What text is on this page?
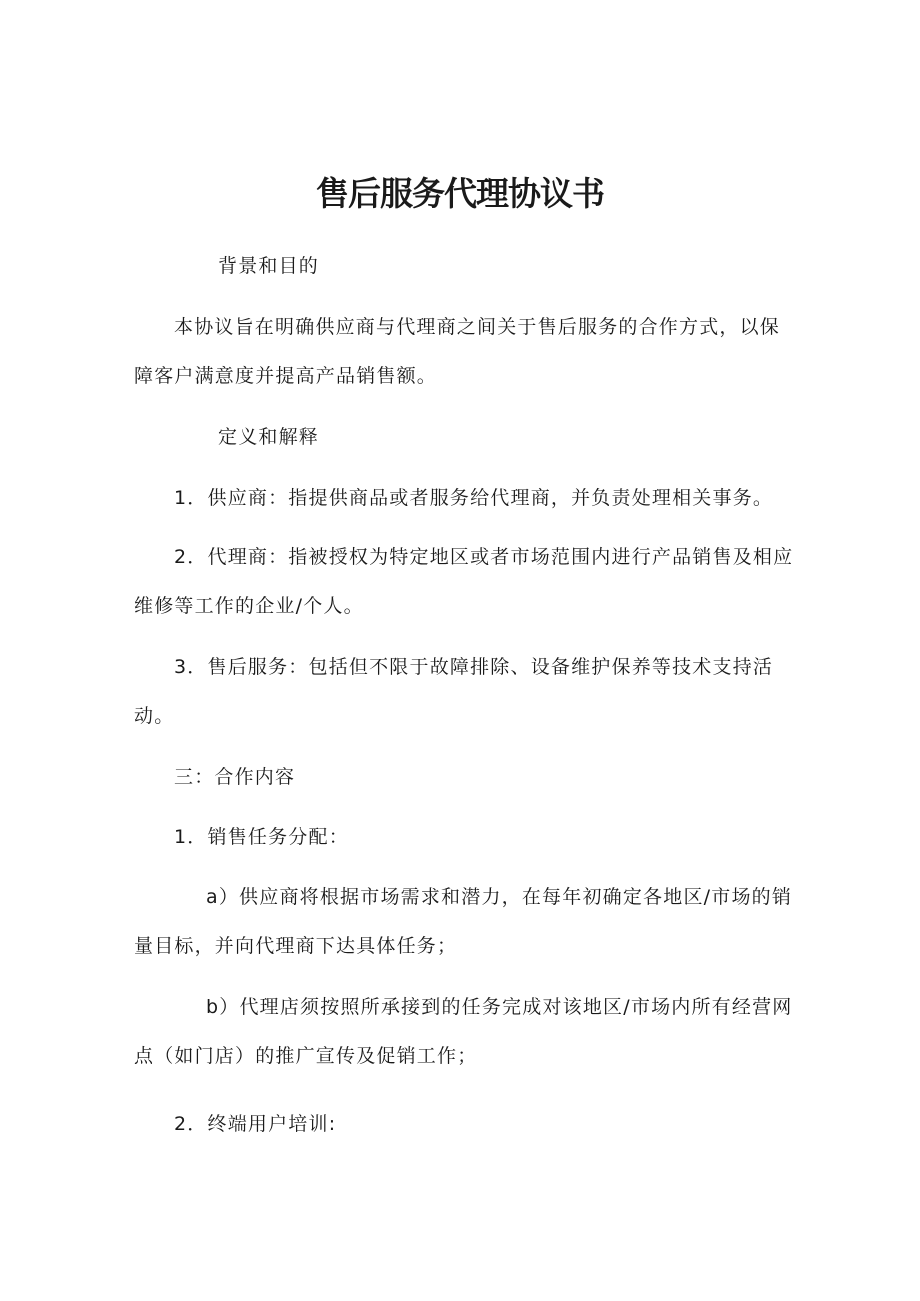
售后服务代理协议书
背景和目的
本协议旨在明确供应商与代理商之间关于售后服务的合作方式，以保
障客户满意度并提高产品销售额。
定义和解释
1．供应商：指提供商品或者服务给代理商，并负责处理相关事务。
2．代理商：指被授权为特定地区或者市场范围内进行产品销售及相应
维修等工作的企业/个人。
3．售后服务：包括但不限于故障排除、设备维护保养等技术支持活
动。
三：合作内容
1．销售任务分配：
a）供应商将根据市场需求和潜力，在每年初确定各地区/市场的销
量目标，并向代理商下达具体任务；
b）代理店须按照所承接到的任务完成对该地区/市场内所有经营网
点（如门店）的推广宣传及促销工作；
2．终端用户培训:
